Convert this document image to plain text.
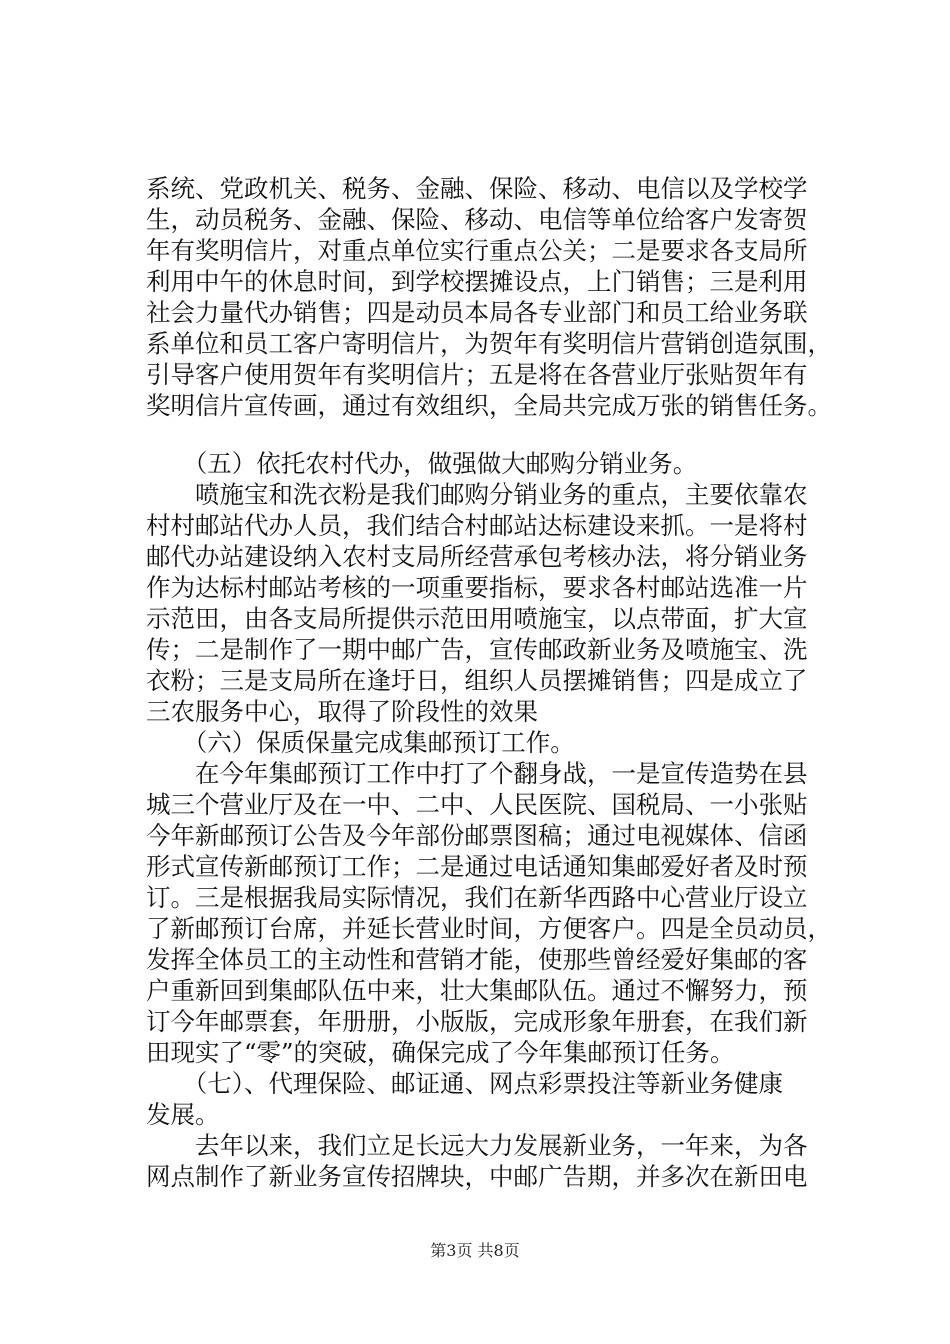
系统、党政机关、税务、金融、保险、移动、电信以及学校学
生，动员税务、金融、保险、移动、电信等单位给客户发寄贺
年有奖明信片，对重点单位实行重点公关；二是要求各支局所
利用中午的休息时间，到学校摆摊设点，上门销售；三是利用
社会力量代办销售；四是动员本局各专业部门和员工给业务联
系单位和员工客户寄明信片，为贺年有奖明信片营销创造氛围，
引导客户使用贺年有奖明信片；五是将在各营业厅张贴贺年有
奖明信片宣传画，通过有效组织，全局共完成万张的销售任务。
　　（五）依托农村代办，做强做大邮购分销业务。
　　喷施宝和洗衣粉是我们邮购分销业务的重点，主要依靠农
村村邮站代办人员，我们结合村邮站达标建设来抓。一是将村
邮代办站建设纳入农村支局所经营承包考核办法，将分销业务
作为达标村邮站考核的一项重要指标，要求各村邮站选准一片
示范田，由各支局所提供示范田用喷施宝，以点带面，扩大宣
传；二是制作了一期中邮广告，宣传邮政新业务及喷施宝、洗
衣粉；三是支局所在逢圩日，组织人员摆摊销售；四是成立了
三农服务中心，取得了阶段性的效果
　　（六）保质保量完成集邮预订工作。
　　在今年集邮预订工作中打了个翻身战，一是宣传造势在县
城三个营业厅及在一中、二中、人民医院、国税局、一小张贴
今年新邮预订公告及今年部份邮票图稿；通过电视媒体、信函
形式宣传新邮预订工作；二是通过电话通知集邮爱好者及时预
订。三是根据我局实际情况，我们在新华西路中心营业厅设立
了新邮预订台席，并延长营业时间，方便客户。四是全员动员，
发挥全体员工的主动性和营销才能，使那些曾经爱好集邮的客
户重新回到集邮队伍中来，壮大集邮队伍。通过不懈努力，预
订今年邮票套，年册册，小版版，完成形象年册套，在我们新
田现实了“零”的突破，确保完成了今年集邮预订任务。
　　（七）、代理保险、邮证通、网点彩票投注等新业务健康
发展。
　　去年以来，我们立足长远大力发展新业务，一年来，为各
网点制作了新业务宣传招牌块，中邮广告期，并多次在新田电
第3页 共8页
